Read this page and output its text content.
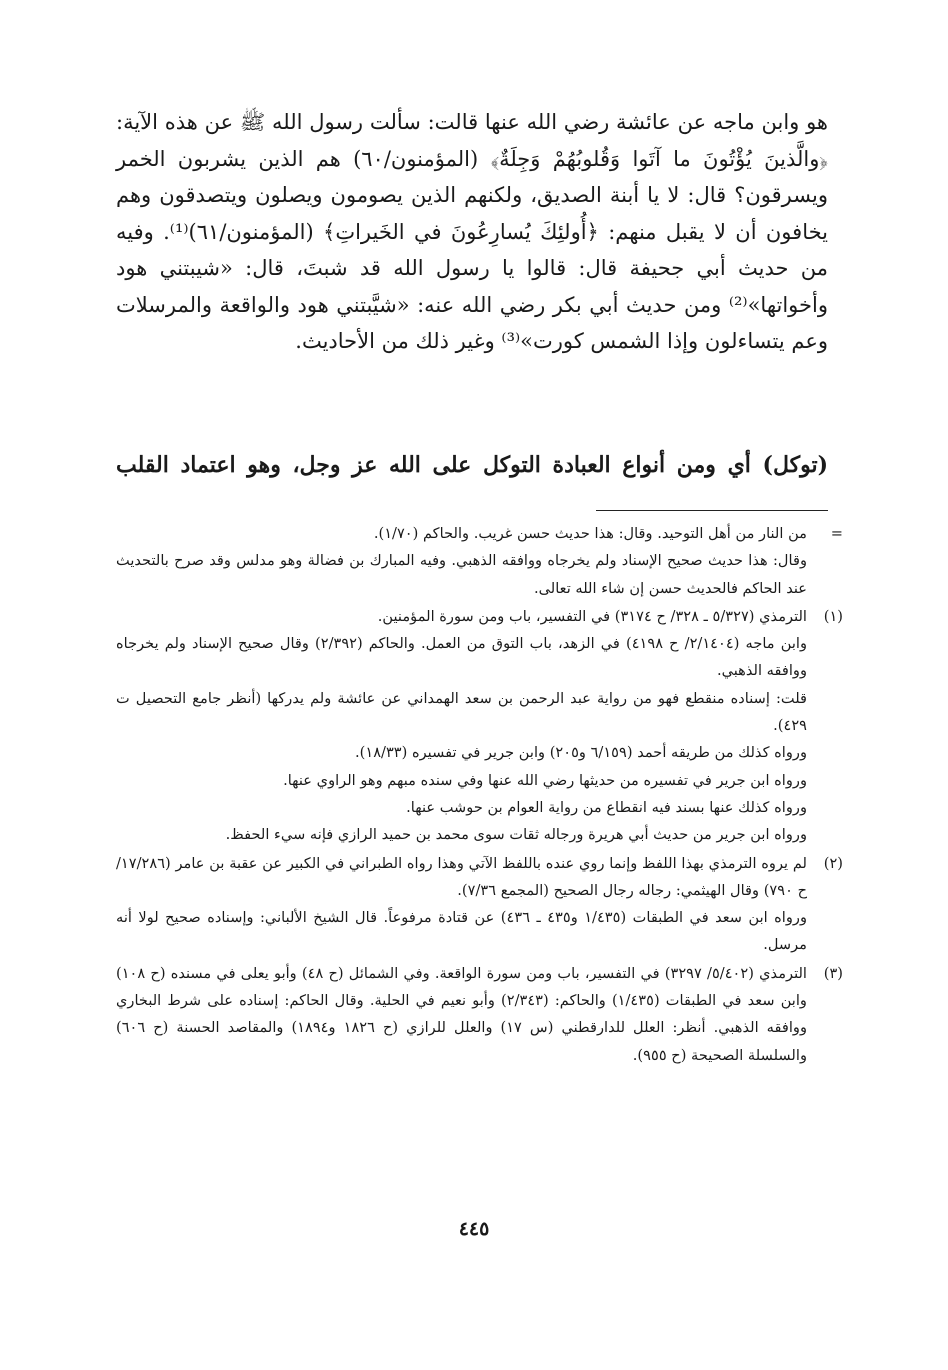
هو وابن ماجه عن عائشة رضي الله عنها قالت: سألت رسول الله ﷺ عن هذه الآية: ﴿والَّذينَ يُؤْتُونَ ما آتَوا وَقُلوبُهُمْ وَجِلَةٌ﴾ (المؤمنون/٦٠) هم الذين يشربون الخمر ويسرقون؟ قال: لا يا أبنة الصديق، ولكنهم الذين يصومون ويصلون ويتصدقون وهم يخافون أن لا يقبل منهم: ﴿أُولئِكَ يُسارِعُونَ في الخَيراتِ﴾ (المؤمنون/٦١)⁽¹⁾. وفيه من حديث أبي جحيفة قال: قالوا يا رسول الله قد شبتَ، قال: «شيبتني هود وأخواتها»⁽²⁾ ومن حديث أبي بكر رضي الله عنه: «شيَّبتني هود والواقعة والمرسلات وعم يتساءلون وإذا الشمس كورت»⁽³⁾ وغير ذلك من الأحاديث.

(توكل) أي ومن أنواع العبادة التوكل على الله عز وجل، وهو اعتماد القلب
=
من النار من أهل التوحيد. وقال: هذا حديث حسن غريب. والحاكم (١/٧٠).
وقال: هذا حديث صحيح الإسناد ولم يخرجاه ووافقه الذهبي. وفيه المبارك بن فضالة وهو مدلس وقد صرح بالتحديث عند الحاكم فالحديث حسن إن شاء الله تعالى.
(١)
الترمذي (٥/٣٢٧ ـ ٣٢٨/ ح ٣١٧٤) في التفسير، باب ومن سورة المؤمنين.
وابن ماجه (٢/١٤٠٤/ ح ٤١٩٨) في الزهد، باب التوق من العمل. والحاكم (٢/٣٩٢) وقال صحيح الإسناد ولم يخرجاه ووافقه الذهبي.
قلت: إسناده منقطع فهو من رواية عبد الرحمن بن سعد الهمداني عن عائشة ولم يدركها (أنظر جامع التحصيل ت ٤٢٩).
ورواه كذلك من طريقه أحمد (٦/١٥٩ و٢٠٥) وابن جرير في تفسيره (١٨/٣٣).
ورواه ابن جرير في تفسيره من حديثها رضي الله عنها وفي سنده مبهم وهو الراوي عنها.
ورواه كذلك عنها بسند فيه انقطاع من رواية العوام بن حوشب عنها.
ورواه ابن جرير من حديث أبي هريرة ورجاله ثقات سوى محمد بن حميد الرازي فإنه سيء الحفظ.
(٢)
لم يروه الترمذي بهذا اللفظ وإنما روي عنده باللفظ الآتي وهذا رواه الطبراني في الكبير عن عقبة بن عامر (١٧/٢٨٦/ ح ٧٩٠) وقال الهيثمي: رجاله رجال الصحيح (المجمع ٧/٣٦).
ورواه ابن سعد في الطبقات (١/٤٣٥ و٤٣٥ ـ ٤٣٦) عن قتادة مرفوعاً. قال الشيخ الألباني: وإسناده صحيح لولا أنه مرسل.
(٣)
الترمذي (٥/٤٠٢/ ٣٢٩٧) في التفسير، باب ومن سورة الواقعة. وفي الشمائل (ح ٤٨) وأبو يعلى في مسنده (ح ١٠٨) وابن سعد في الطبقات (١/٤٣٥) والحاكم: (٢/٣٤٣) وأبو نعيم في الحلية. وقال الحاكم: إسناده على شرط البخاري ووافقه الذهبي. أنظر: العلل للدارقطني (س ١٧) والعلل للرازي (ح ١٨٢٦ و١٨٩٤) والمقاصد الحسنة (ح ٦٠٦) والسلسلة الصحيحة (ح ٩٥٥).
٤٤٥
